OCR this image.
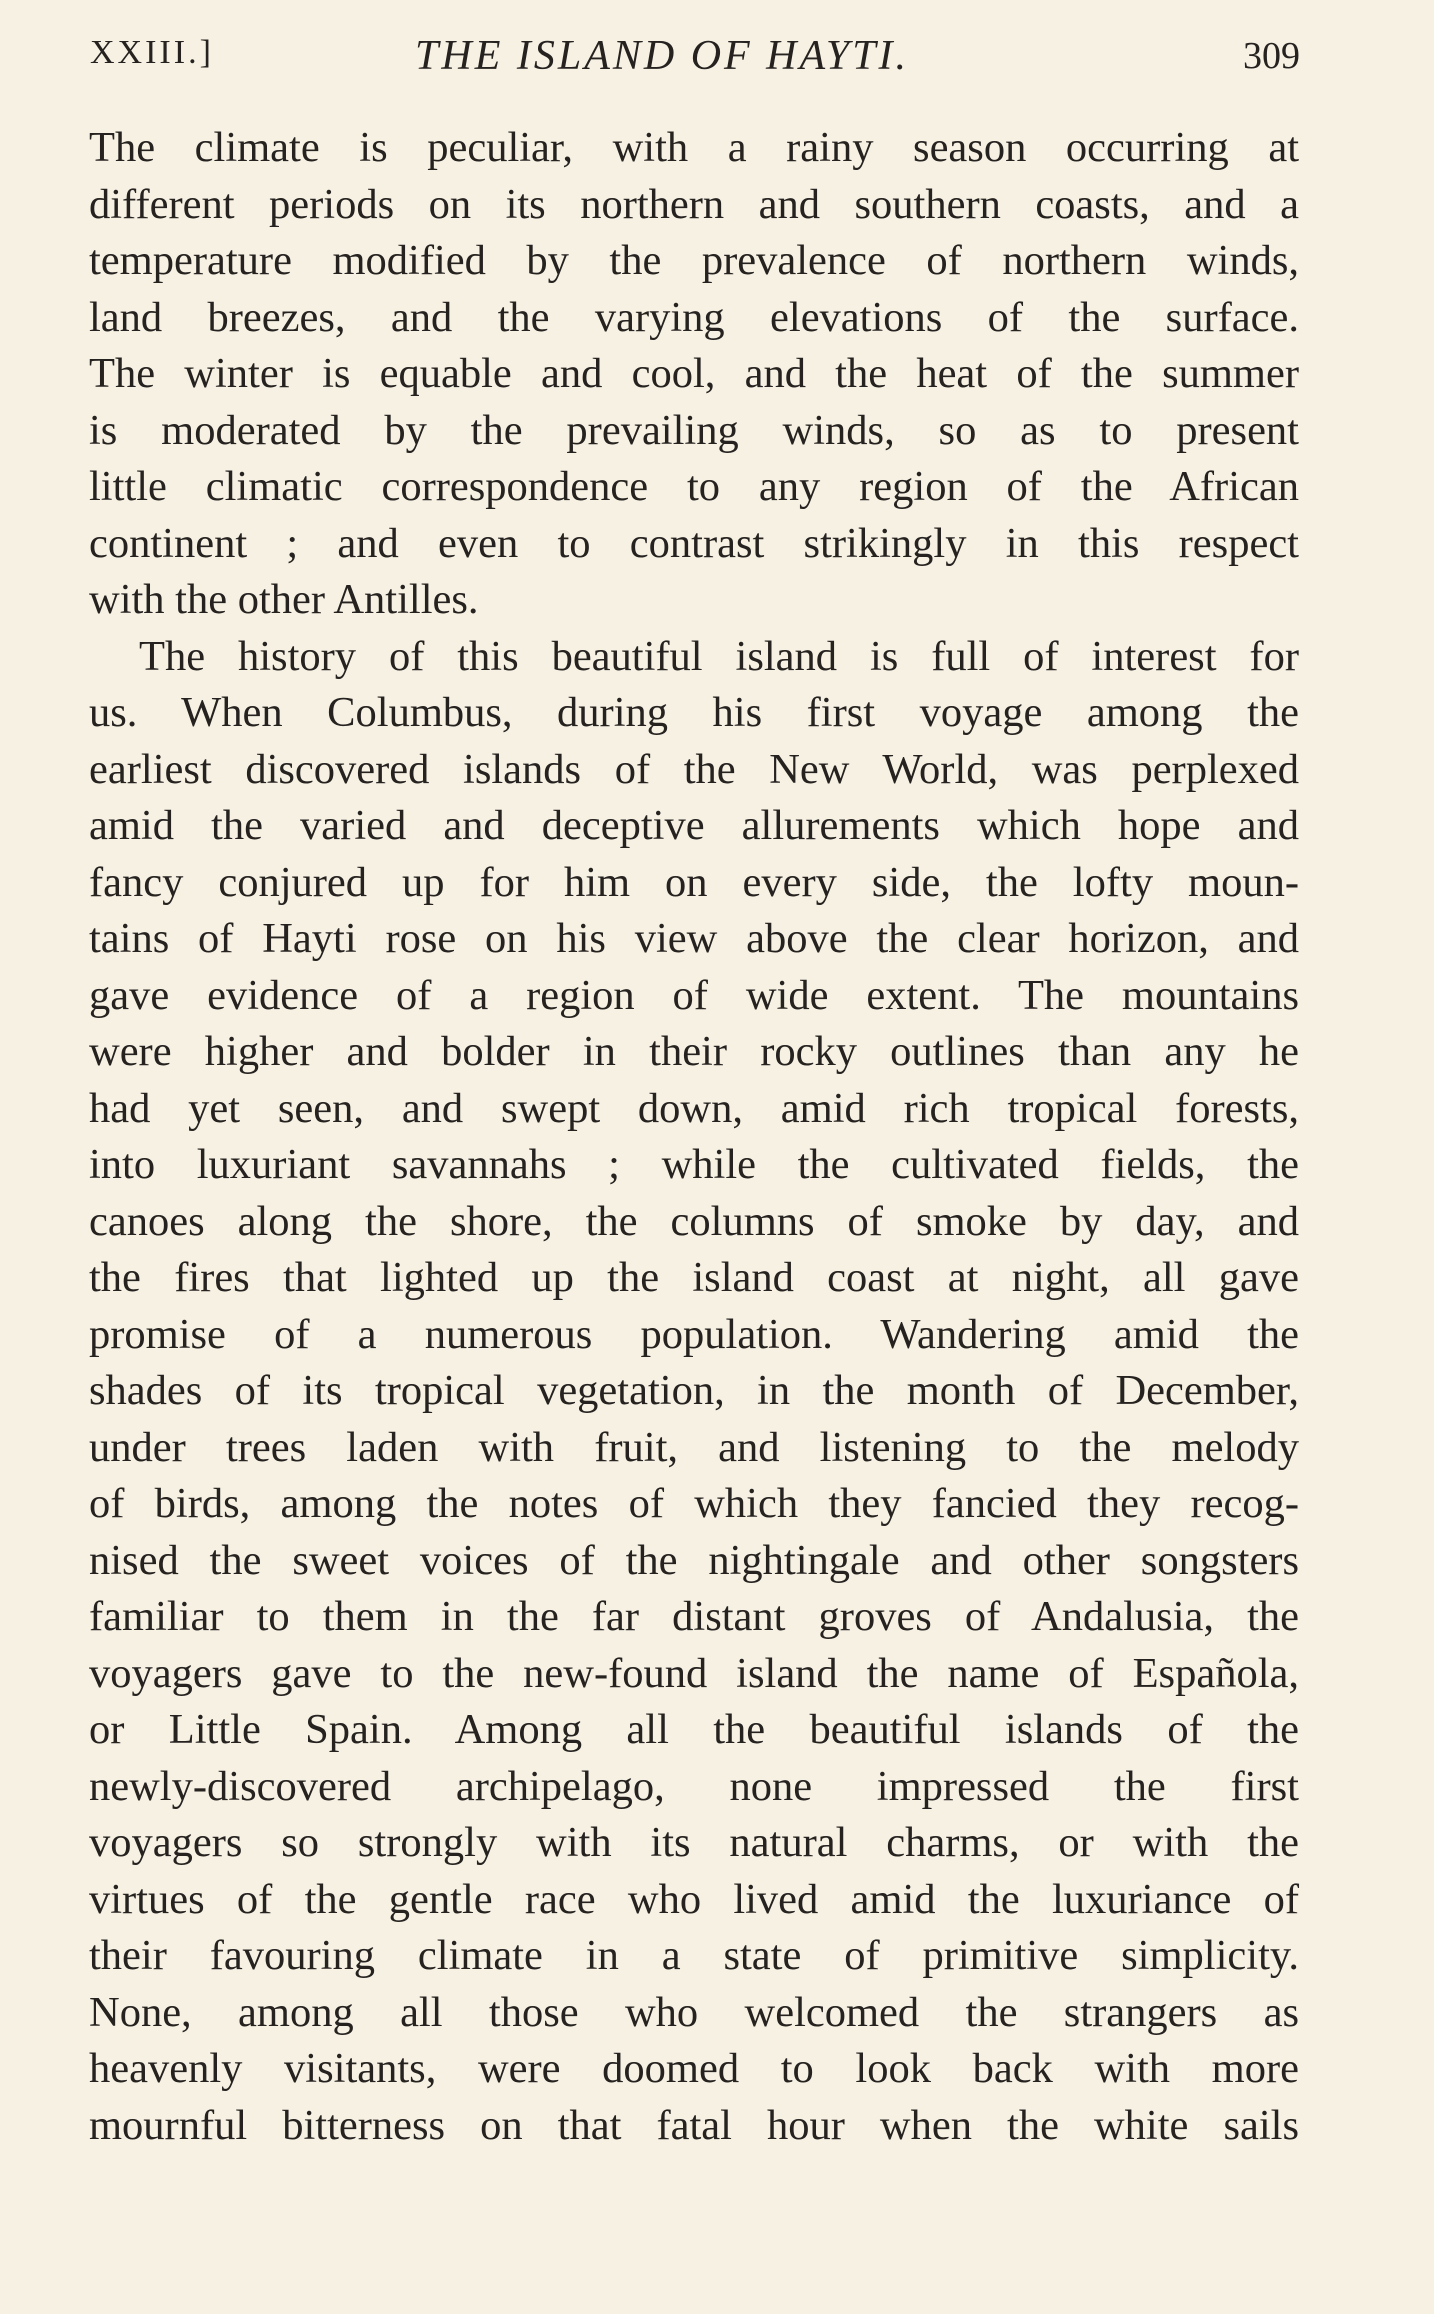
XXIII.]	THE ISLAND OF HAYTI.	309
The climate is peculiar, with a rainy season occurring at
different periods on its northern and southern coasts, and a
temperature modified by the prevalence of northern winds,
land breezes, and the varying elevations of the surface.
The winter is equable and cool, and the heat of the summer
is moderated by the prevailing winds, so as to present
little climatic correspondence to any region of the African
continent ; and even to contrast strikingly in this respect
with the other Antilles.
The history of this beautiful island is full of interest for
us. When Columbus, during his first voyage among the
earliest discovered islands of the New World, was perplexed
amid the varied and deceptive allurements which hope and
fancy conjured up for him on every side, the lofty moun-
tains of Hayti rose on his view above the clear horizon, and
gave evidence of a region of wide extent. The mountains
were higher and bolder in their rocky outlines than any he
had yet seen, and swept down, amid rich tropical forests,
into luxuriant savannahs ; while the cultivated fields, the
canoes along the shore, the columns of smoke by day, and
the fires that lighted up the island coast at night, all gave
promise of a numerous population. Wandering amid the
shades of its tropical vegetation, in the month of December,
under trees laden with fruit, and listening to the melody
of birds, among the notes of which they fancied they recog-
nised the sweet voices of the nightingale and other songsters
familiar to them in the far distant groves of Andalusia, the
voyagers gave to the new-found island the name of Española,
or Little Spain. Among all the beautiful islands of the
newly-discovered archipelago, none impressed the first
voyagers so strongly with its natural charms, or with the
virtues of the gentle race who lived amid the luxuriance of
their favouring climate in a state of primitive simplicity.
None, among all those who welcomed the strangers as
heavenly visitants, were doomed to look back with more
mournful bitterness on that fatal hour when the white sails
